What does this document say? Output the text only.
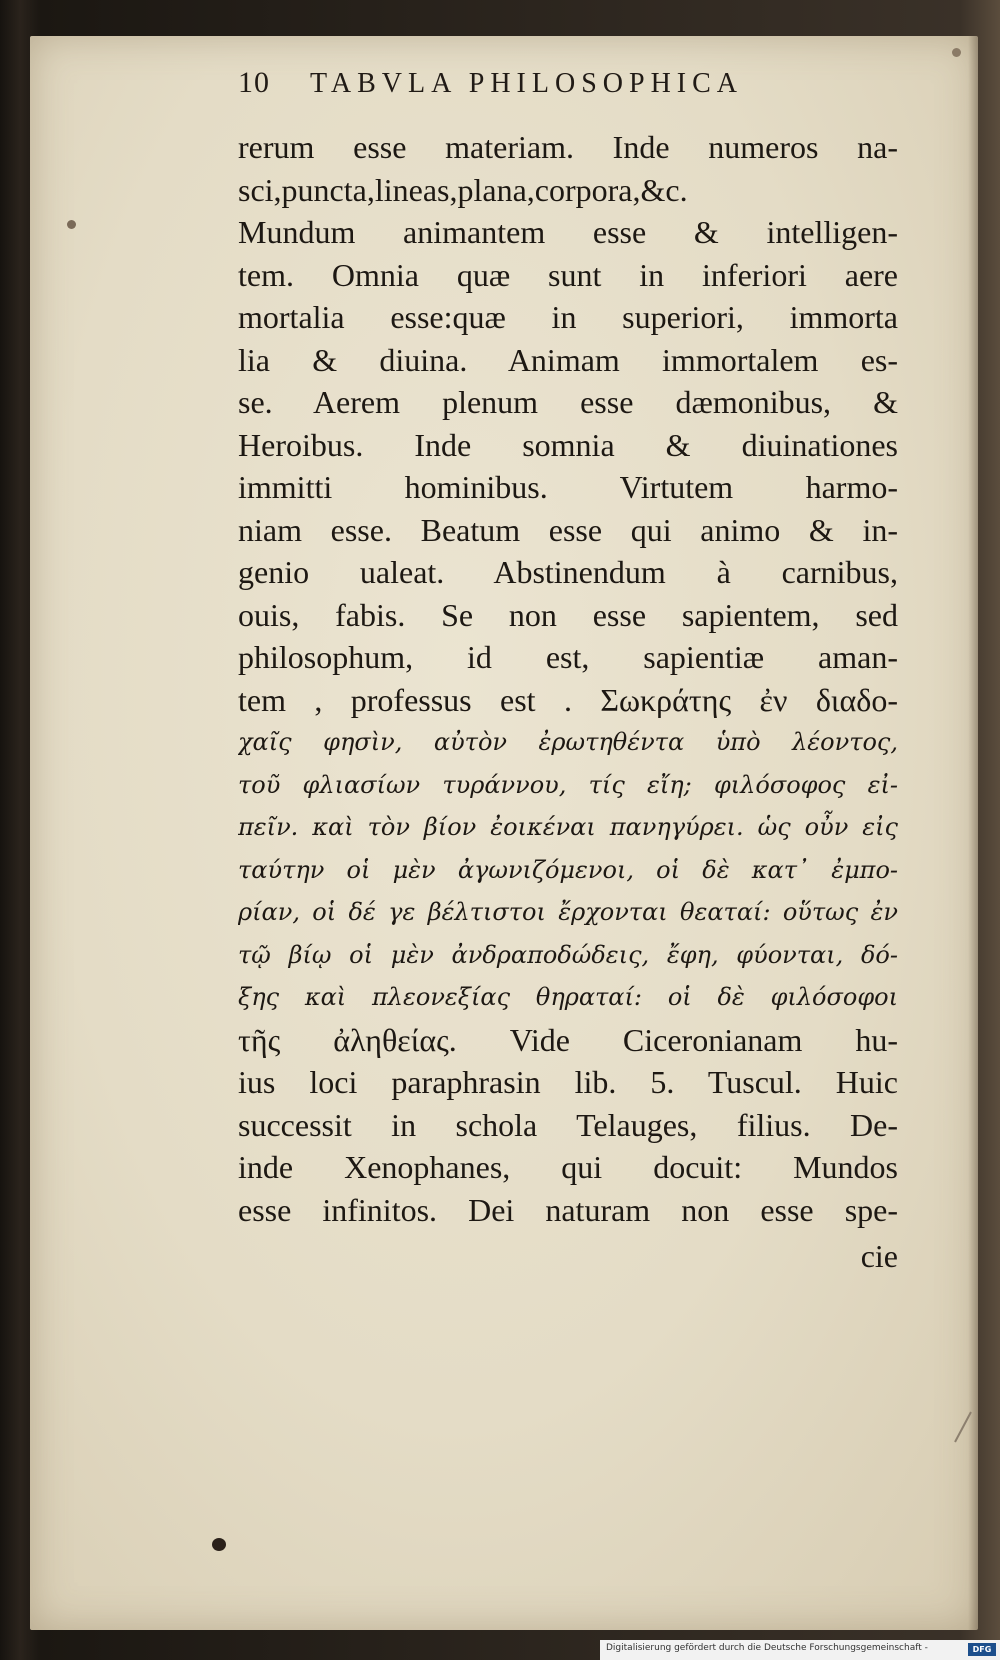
10 TABVLA PHILOSOPHICA
rerum esse materiam. Inde numeros na-
sci,puncta,lineas,plana,corpora,&c.
Mundum animantem esse & intelligen-
tem. Omnia quæ sunt in inferiori aere
mortalia esse:quæ in superiori, immorta
lia & diuina. Animam immortalem es-
se. Aerem plenum esse dæmonibus, &
Heroibus. Inde somnia & diuinationes
immitti hominibus. Virtutem harmo-
niam esse. Beatum esse qui animo & in-
genio ualeat. Abstinendum à carnibus,
ouis, fabis. Se non esse sapientem, sed
philosophum, id est, sapientiæ aman-
tem , professus est . Σωκράτης ἐν διαδο-
χαῖς φησὶν, αὐτὸν ἐρωτηθέντα ὑπὸ λέοντος,
τοῦ φλιασίων τυράννου, τίς εἴη; φιλόσοφος εἰ-
πεῖν. καὶ τὸν βίον ἐοικέναι πανηγύρει. ὡς οὖν εἰς
ταύτην οἱ μὲν ἀγωνιζόμενοι, οἱ δὲ κατ᾽ ἐμπο-
ρίαν, οἱ δέ γε βέλτιστοι ἔρχονται θεαταί: οὕτως ἐν
τῷ βίῳ οἱ μὲν ἀνδραποδώδεις, ἔφη, φύονται, δό-
ξης καὶ πλεονεξίας θηραταί: οἱ δὲ φιλόσοφοι
τῆς ἀληθείας. Vide Ciceronianam hu-
ius loci paraphrasin lib. 5. Tuscul. Huic
successit in schola Telauges, filius. De-
inde Xenophanes, qui docuit: Mundos
esse infinitos. Dei naturam non esse spe-
cie
Digitalisierung gefördert durch die Deutsche Forschungsgemeinschaft -	DFG
